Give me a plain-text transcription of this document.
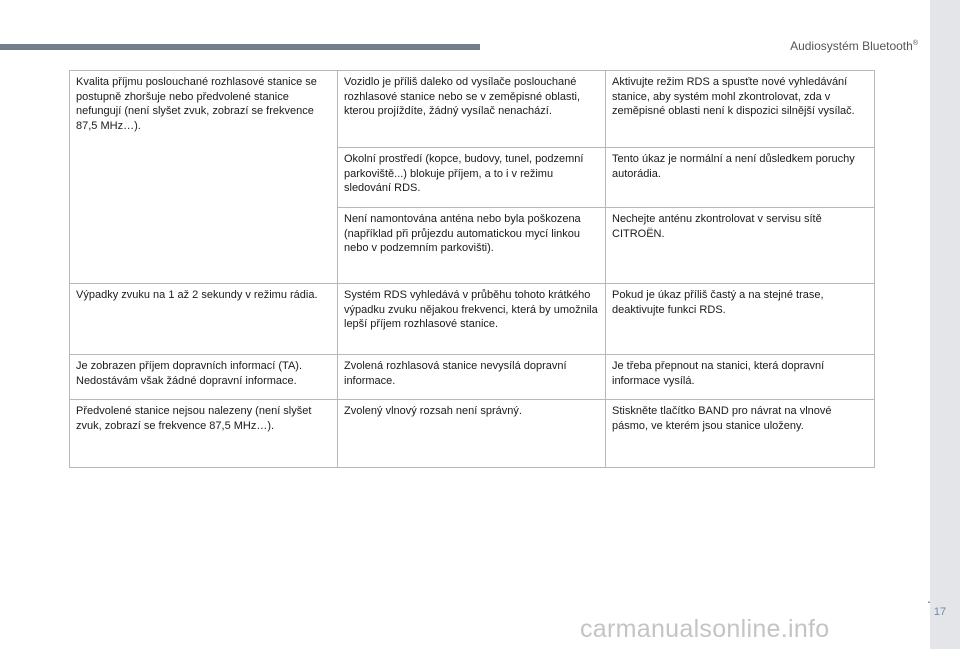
Audiosystém Bluetooth®
Kvalita příjmu poslouchané rozhlasové stanice se postupně zhoršuje nebo předvolené stanice nefungují (není slyšet zvuk, zobrazí se frekvence 87,5 MHz…).	Vozidlo je příliš daleko od vysílače poslouchané rozhlasové stanice nebo se v zeměpisné oblasti, kterou projíždíte, žádný vysílač nenachází.	Aktivujte režim RDS a spusťte nové vyhledávání stanice, aby systém mohl zkontrolovat, zda v zeměpisné oblasti není k dispozici silnější vysílač.
	Okolní prostředí (kopce, budovy, tunel, podzemní parkoviště...) blokuje příjem, a to i v režimu sledování RDS.	Tento úkaz je normální a není důsledkem poruchy autorádia.
	Není namontována anténa nebo byla poškozena (například při průjezdu automatickou mycí linkou nebo v podzemním parkovišti).	Nechejte anténu zkontrolovat v servisu sítě CITROËN.
Výpadky zvuku na 1 až 2 sekundy v režimu rádia.	Systém RDS vyhledává v průběhu tohoto krátkého výpadku zvuku nějakou frekvenci, která by umožnila lepší příjem rozhlasové stanice.	Pokud je úkaz příliš častý a na stejné trase, deaktivujte funkci RDS.
Je zobrazen příjem dopravních informací (TA). Nedostávám však žádné dopravní informace.	Zvolená rozhlasová stanice nevysílá dopravní informace.	Je třeba přepnout na stanici, která dopravní informace vysílá.
Předvolené stanice nejsou nalezeny (není slyšet zvuk, zobrazí se frekvence 87,5 MHz…).	Zvolený vlnový rozsah není správný.	Stiskněte tlačítko BAND pro návrat na vlnové pásmo, ve kterém jsou stanice uloženy.
.
17
carmanualsonline.info
